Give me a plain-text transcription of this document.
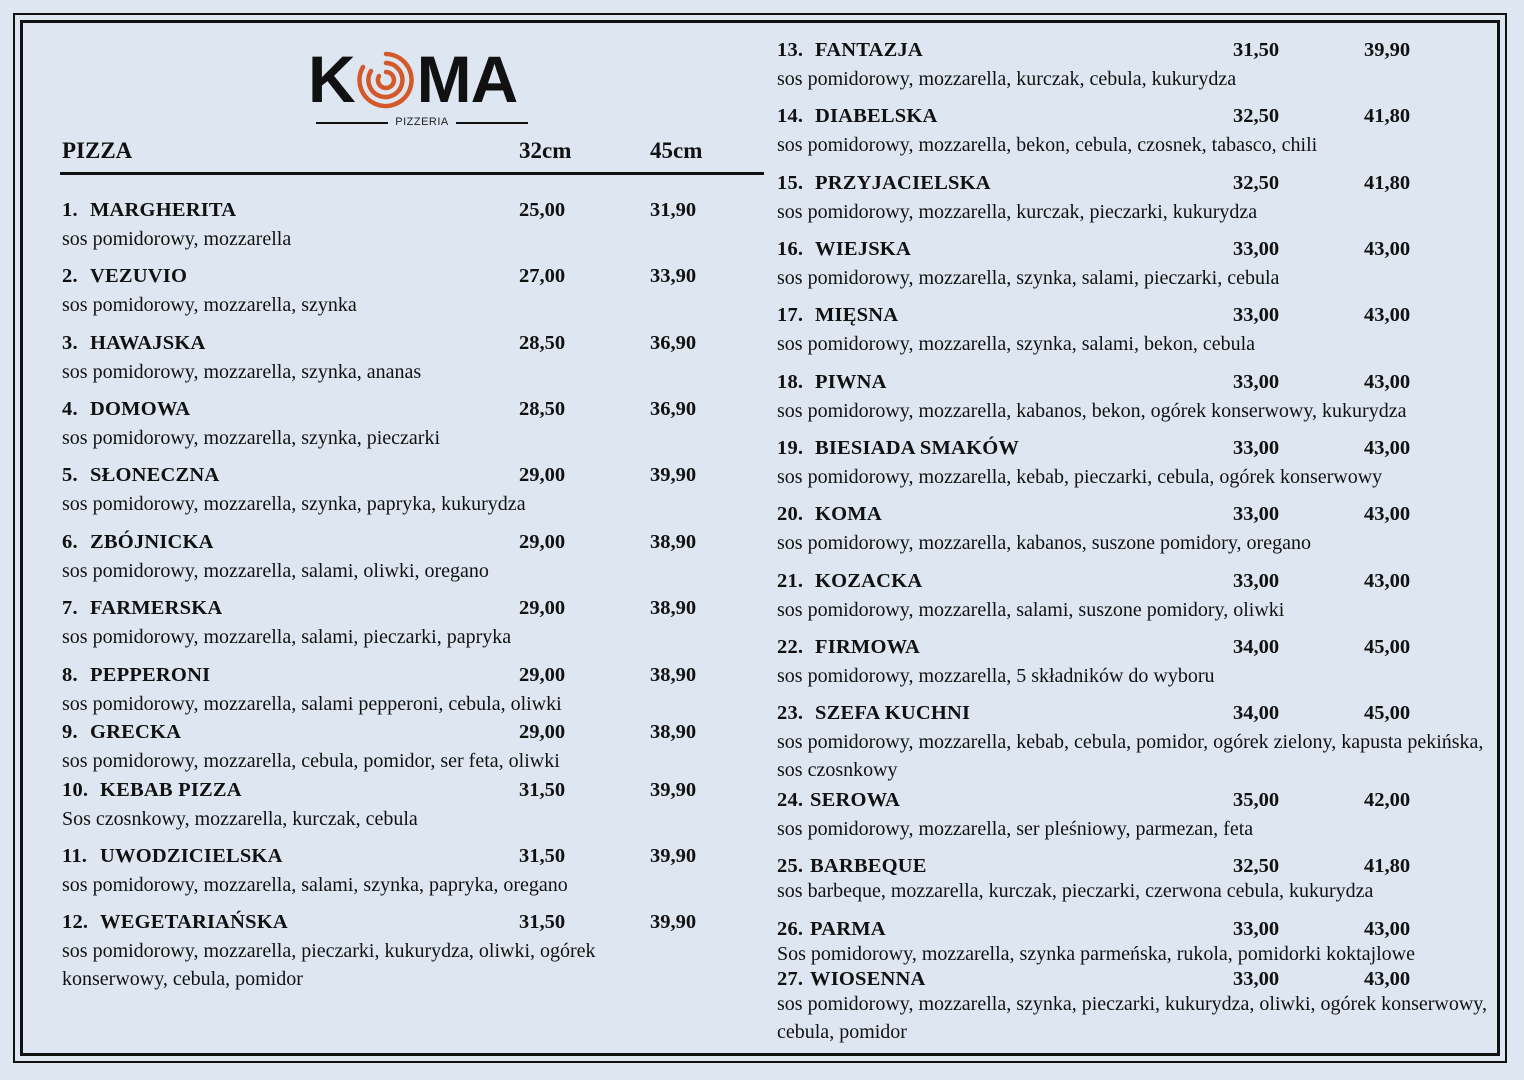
K MA
PIZZERIA
PIZZA	32cm	45cm
1. MARGHERITA	25,00	31,90
sos pomidorowy, mozzarella
2. VEZUVIO	27,00	33,90
sos pomidorowy, mozzarella, szynka
3. HAWAJSKA	28,50	36,90
sos pomidorowy, mozzarella, szynka, ananas
4. DOMOWA	28,50	36,90
sos pomidorowy, mozzarella, szynka, pieczarki
5. SŁONECZNA	29,00	39,90
sos pomidorowy, mozzarella, szynka, papryka, kukurydza
6. ZBÓJNICKA	29,00	38,90
sos pomidorowy, mozzarella, salami, oliwki, oregano
7. FARMERSKA	29,00	38,90
sos pomidorowy, mozzarella, salami, pieczarki, papryka
8. PEPPERONI	29,00	38,90
sos pomidorowy, mozzarella, salami pepperoni, cebula, oliwki
9. GRECKA	29,00	38,90
sos pomidorowy, mozzarella, cebula, pomidor, ser feta, oliwki
10. KEBAB PIZZA	31,50	39,90
Sos czosnkowy, mozzarella, kurczak, cebula
11. UWODZICIELSKA	31,50	39,90
sos pomidorowy, mozzarella, salami, szynka, papryka, oregano
12. WEGETARIAŃSKA	31,50	39,90
sos pomidorowy, mozzarella, pieczarki, kukurydza, oliwki, ogórek konserwowy, cebula, pomidor
13. FANTAZJA	31,50	39,90
sos pomidorowy, mozzarella, kurczak, cebula, kukurydza
14. DIABELSKA	32,50	41,80
sos pomidorowy, mozzarella, bekon, cebula, czosnek, tabasco, chili
15. PRZYJACIELSKA	32,50	41,80
sos pomidorowy, mozzarella, kurczak, pieczarki, kukurydza
16. WIEJSKA	33,00	43,00
sos pomidorowy, mozzarella, szynka, salami, pieczarki, cebula
17. MIĘSNA	33,00	43,00
sos pomidorowy, mozzarella, szynka, salami, bekon, cebula
18. PIWNA	33,00	43,00
sos pomidorowy, mozzarella, kabanos, bekon, ogórek konserwowy, kukurydza
19. BIESIADA SMAKÓW	33,00	43,00
sos pomidorowy, mozzarella, kebab, pieczarki, cebula, ogórek konserwowy
20. KOMA	33,00	43,00
sos pomidorowy, mozzarella, kabanos, suszone pomidory, oregano
21. KOZACKA	33,00	43,00
sos pomidorowy, mozzarella, salami, suszone pomidory, oliwki
22. FIRMOWA	34,00	45,00
sos pomidorowy, mozzarella, 5 składników do wyboru
23. SZEFA KUCHNI	34,00	45,00
sos pomidorowy, mozzarella, kebab, cebula, pomidor, ogórek zielony, kapusta pekińska, sos czosnkowy
24. SEROWA	35,00	42,00
sos pomidorowy, mozzarella, ser pleśniowy, parmezan, feta
25. BARBEQUE	32,50	41,80
sos barbeque, mozzarella, kurczak, pieczarki, czerwona cebula, kukurydza
26. PARMA	33,00	43,00
Sos pomidorowy, mozzarella, szynka parmeńska, rukola, pomidorki koktajlowe
27. WIOSENNA	33,00	43,00
sos pomidorowy, mozzarella, szynka, pieczarki, kukurydza, oliwki, ogórek konserwowy, cebula, pomidor
